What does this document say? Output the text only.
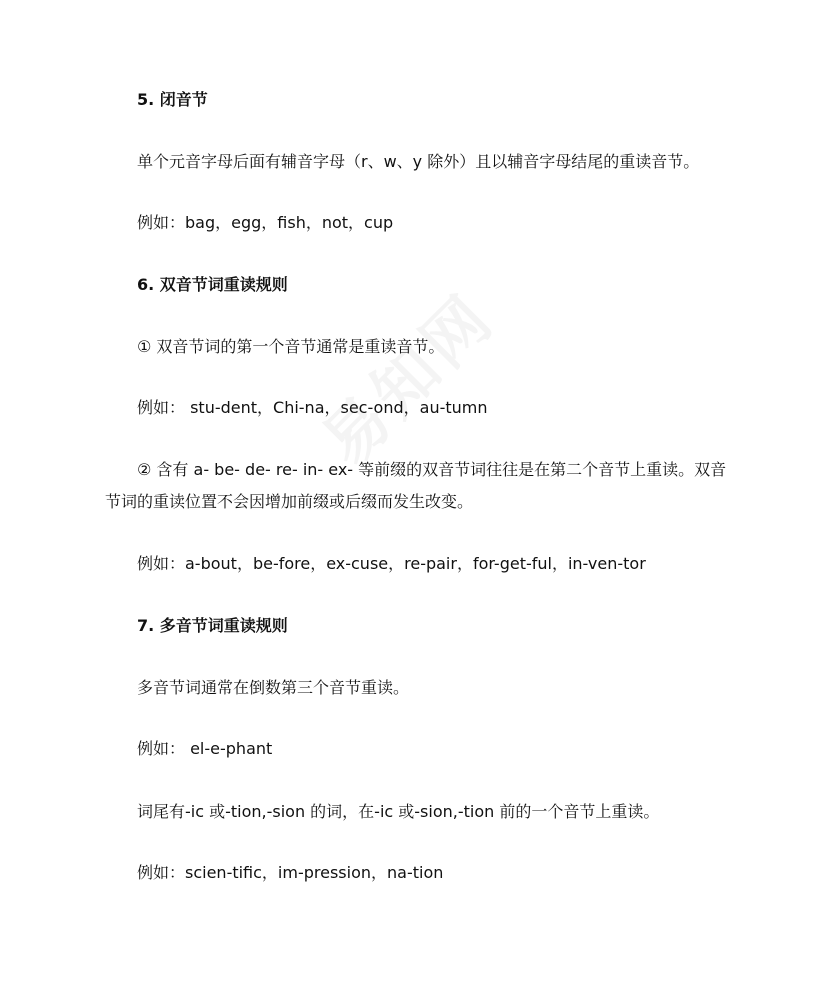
5. 闭音节
单个元音字母后面有辅音字母（r、w、y 除外）且以辅音字母结尾的重读音节。
例如：bag，egg，fish，not，cup
6. 双音节词重读规则
① 双音节词的第一个音节通常是重读音节。
例如： stu-dent，Chi-na，sec-ond，au-tumn
② 含有 a- be- de- re- in- ex- 等前缀的双音节词往往是在第二个音节上重读。双音节词的重读位置不会因增加前缀或后缀而发生改变。
例如：a-bout，be-fore，ex-cuse，re-pair，for-get-ful，in-ven-tor
7. 多音节词重读规则
多音节词通常在倒数第三个音节重读。
例如： el-e-phant
词尾有-ic 或-tion,-sion 的词，在-ic 或-sion,-tion 前的一个音节上重读。
例如：scien-tific，im-pression，na-tion
